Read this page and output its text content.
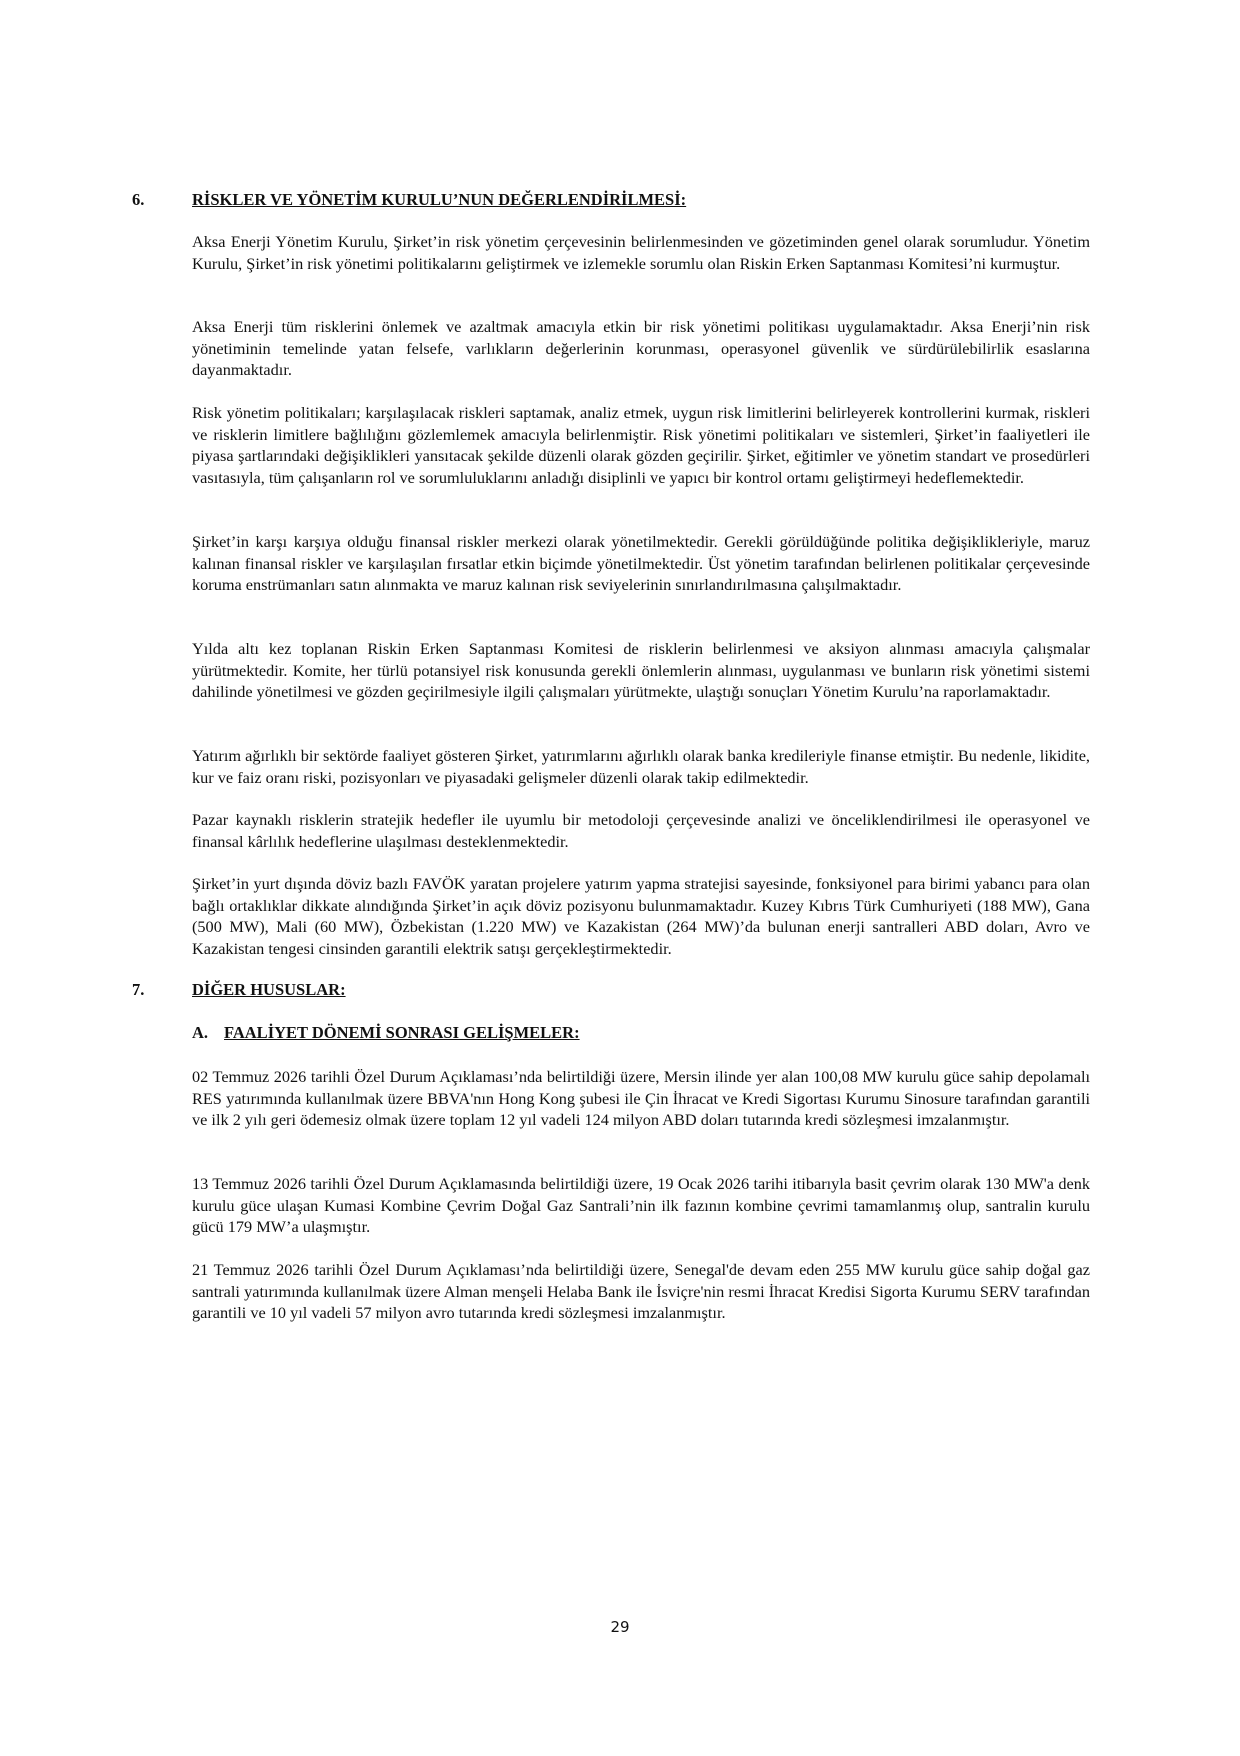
6.	RİSKLER VE YÖNETİM KURULU’NUN DEĞERLENDİRİLMESİ:

Aksa Enerji Yönetim Kurulu, Şirket’in risk yönetim çerçevesinin belirlenmesinden ve gözetiminden genel olarak sorumludur. Yönetim Kurulu, Şirket’in risk yönetimi politikalarını geliştirmek ve izlemekle sorumlu olan Riskin Erken Saptanması Komitesi’ni kurmuştur.

Aksa Enerji tüm risklerini önlemek ve azaltmak amacıyla etkin bir risk yönetimi politikası uygulamaktadır. Aksa Enerji’nin risk yönetiminin temelinde yatan felsefe, varlıkların değerlerinin korunması, operasyonel güvenlik ve sürdürülebilirlik esaslarına dayanmaktadır.

Risk yönetim politikaları; karşılaşılacak riskleri saptamak, analiz etmek, uygun risk limitlerini belirleyerek kontrollerini kurmak, riskleri ve risklerin limitlere bağlılığını gözlemlemek amacıyla belirlenmiştir. Risk yönetimi politikaları ve sistemleri, Şirket’in faaliyetleri ile piyasa şartlarındaki değişiklikleri yansıtacak şekilde düzenli olarak gözden geçirilir. Şirket, eğitimler ve yönetim standart ve prosedürleri vasıtasıyla, tüm çalışanların rol ve sorumluluklarını anladığı disiplinli ve yapıcı bir kontrol ortamı geliştirmeyi hedeflemektedir.

Şirket’in karşı karşıya olduğu finansal riskler merkezi olarak yönetilmektedir. Gerekli görüldüğünde politika değişiklikleriyle, maruz kalınan finansal riskler ve karşılaşılan fırsatlar etkin biçimde yönetilmektedir. Üst yönetim tarafından belirlenen politikalar çerçevesinde koruma enstrümanları satın alınmakta ve maruz kalınan risk seviyelerinin sınırlandırılmasına çalışılmaktadır.

Yılda altı kez toplanan Riskin Erken Saptanması Komitesi de risklerin belirlenmesi ve aksiyon alınması amacıyla çalışmalar yürütmektedir. Komite, her türlü potansiyel risk konusunda gerekli önlemlerin alınması, uygulanması ve bunların risk yönetimi sistemi dahilinde yönetilmesi ve gözden geçirilmesiyle ilgili çalışmaları yürütmekte, ulaştığı sonuçları Yönetim Kurulu’na raporlamaktadır.

Yatırım ağırlıklı bir sektörde faaliyet gösteren Şirket, yatırımlarını ağırlıklı olarak banka kredileriyle finanse etmiştir. Bu nedenle, likidite, kur ve faiz oranı riski, pozisyonları ve piyasadaki gelişmeler düzenli olarak takip edilmektedir.

Pazar kaynaklı risklerin stratejik hedefler ile uyumlu bir metodoloji çerçevesinde analizi ve önceliklendirilmesi ile operasyonel ve finansal kârlılık hedeflerine ulaşılması desteklenmektedir.

Şirket’in yurt dışında döviz bazlı FAVÖK yaratan projelere yatırım yapma stratejisi sayesinde, fonksiyonel para birimi yabancı para olan bağlı ortaklıklar dikkate alındığında Şirket’in açık döviz pozisyonu bulunmamaktadır. Kuzey Kıbrıs Türk Cumhuriyeti (188 MW), Gana (500 MW), Mali (60 MW), Özbekistan (1.220 MW) ve Kazakistan (264 MW)’da bulunan enerji santralleri ABD doları, Avro ve Kazakistan tengesi cinsinden garantili elektrik satışı gerçekleştirmektedir.

7.	DİĞER HUSUSLAR:
A. FAALİYET DÖNEMİ SONRASI GELİŞMELER:

02 Temmuz 2026 tarihli Özel Durum Açıklaması’nda belirtildiği üzere, Mersin ilinde yer alan 100,08 MW kurulu güce sahip depolamalı RES yatırımında kullanılmak üzere BBVA'nın Hong Kong şubesi ile Çin İhracat ve Kredi Sigortası Kurumu Sinosure tarafından garantili ve ilk 2 yılı geri ödemesiz olmak üzere toplam 12 yıl vadeli 124 milyon ABD doları tutarında kredi sözleşmesi imzalanmıştır.

13 Temmuz 2026 tarihli Özel Durum Açıklamasında belirtildiği üzere, 19 Ocak 2026 tarihi itibarıyla basit çevrim olarak 130 MW'a denk kurulu güce ulaşan Kumasi Kombine Çevrim Doğal Gaz Santrali’nin ilk fazının kombine çevrimi tamamlanmış olup, santralin kurulu gücü 179 MW’a ulaşmıştır.

21 Temmuz 2026 tarihli Özel Durum Açıklaması’nda belirtildiği üzere, Senegal'de devam eden 255 MW kurulu güce sahip doğal gaz santrali yatırımında kullanılmak üzere Alman menşeli Helaba Bank ile İsviçre'nin resmi İhracat Kredisi Sigorta Kurumu SERV tarafından garantili ve 10 yıl vadeli 57 milyon avro tutarında kredi sözleşmesi imzalanmıştır.

29
